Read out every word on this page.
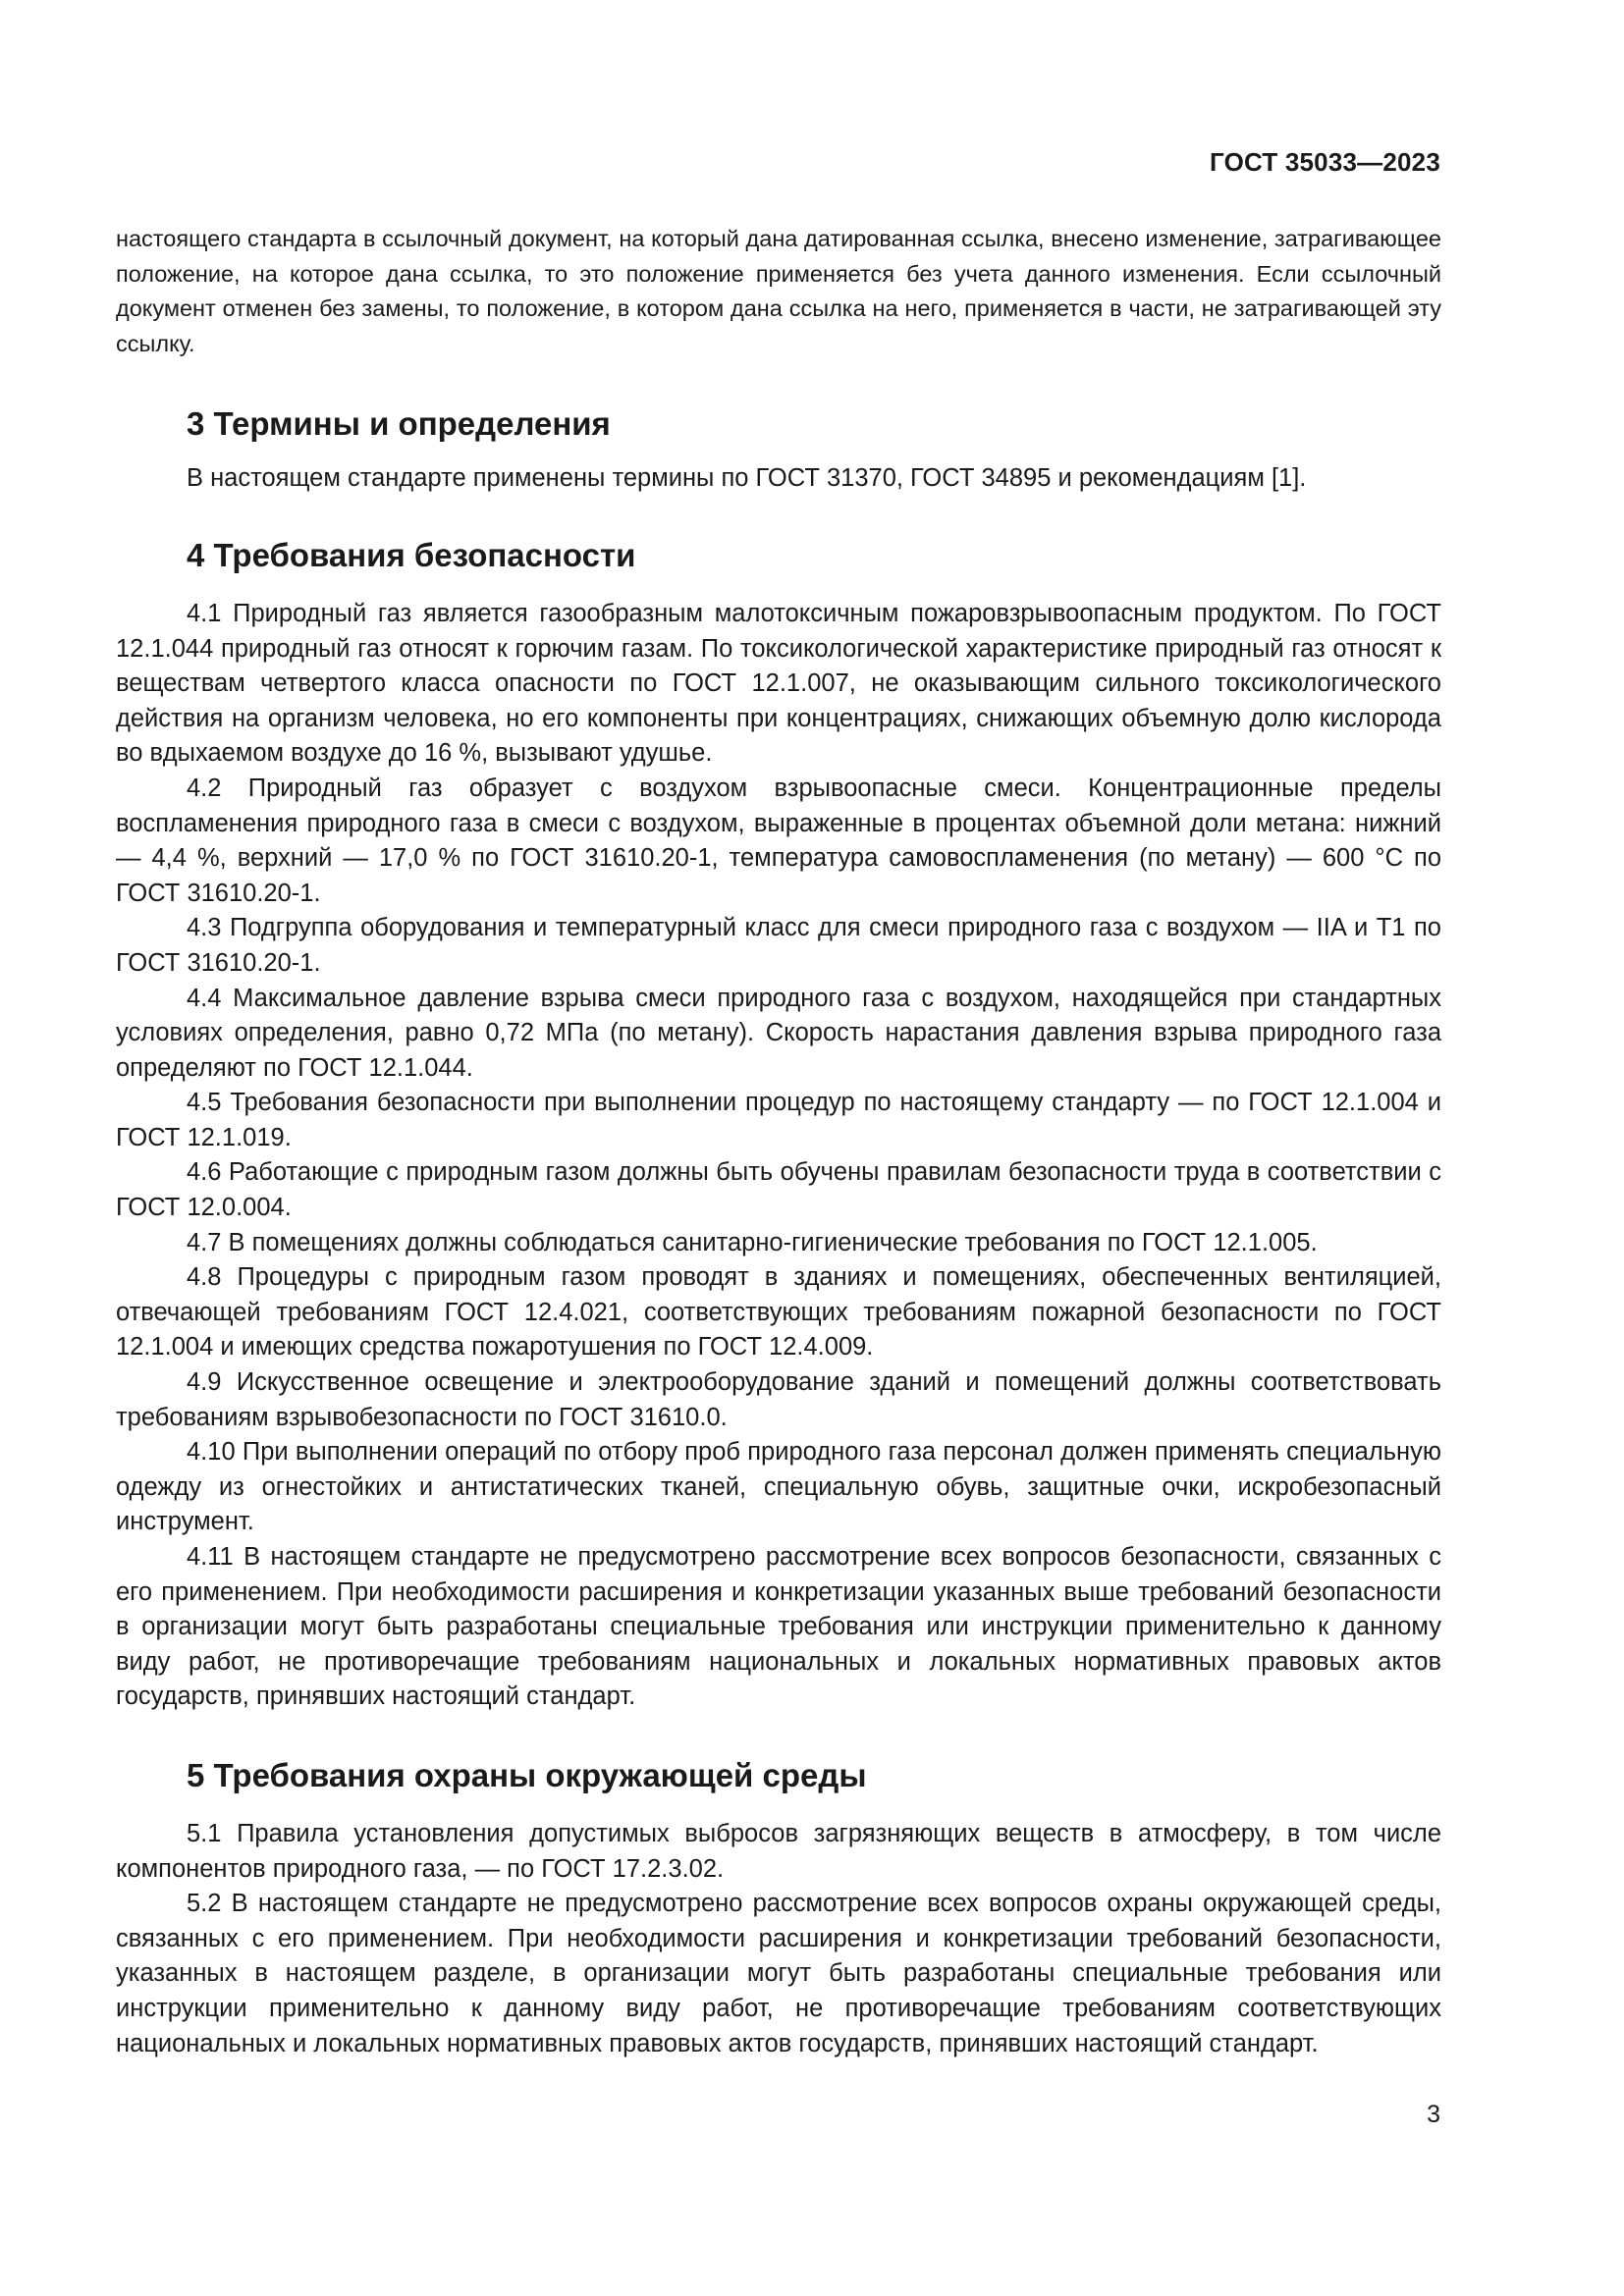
ГОСТ 35033—2023

настоящего стандарта в ссылочный документ, на который дана датированная ссылка, внесено изменение, затрагивающее положение, на которое дана ссылка, то это положение применяется без учета данного изменения. Если ссылочный документ отменен без замены, то положение, в котором дана ссылка на него, применяется в части, не затрагивающей эту ссылку.

3 Термины и определения

В настоящем стандарте применены термины по ГОСТ 31370, ГОСТ 34895 и рекомендациям [1].

4 Требования безопасности

4.1 Природный газ является газообразным малотоксичным пожаровзрывоопасным продуктом. По ГОСТ 12.1.044 природный газ относят к горючим газам. По токсикологической характеристике природный газ относят к веществам четвертого класса опасности по ГОСТ 12.1.007, не оказывающим сильного токсикологического действия на организм человека, но его компоненты при концентрациях, снижающих объемную долю кислорода во вдыхаемом воздухе до 16 %, вызывают удушье.

4.2 Природный газ образует с воздухом взрывоопасные смеси. Концентрационные пределы воспламенения природного газа в смеси с воздухом, выраженные в процентах объемной доли метана: нижний — 4,4 %, верхний — 17,0 % по ГОСТ 31610.20-1, температура самовоспламенения (по метану) — 600 °С по ГОСТ 31610.20-1.

4.3 Подгруппа оборудования и температурный класс для смеси природного газа с воздухом — IIA и Т1 по ГОСТ 31610.20-1.

4.4 Максимальное давление взрыва смеси природного газа с воздухом, находящейся при стандартных условиях определения, равно 0,72 МПа (по метану). Скорость нарастания давления взрыва природного газа определяют по ГОСТ 12.1.044.

4.5 Требования безопасности при выполнении процедур по настоящему стандарту — по ГОСТ 12.1.004 и ГОСТ 12.1.019.

4.6 Работающие с природным газом должны быть обучены правилам безопасности труда в соответствии с ГОСТ 12.0.004.

4.7 В помещениях должны соблюдаться санитарно-гигиенические требования по ГОСТ 12.1.005.

4.8 Процедуры с природным газом проводят в зданиях и помещениях, обеспеченных вентиляцией, отвечающей требованиям ГОСТ 12.4.021, соответствующих требованиям пожарной безопасности по ГОСТ 12.1.004 и имеющих средства пожаротушения по ГОСТ 12.4.009.

4.9 Искусственное освещение и электрооборудование зданий и помещений должны соответствовать требованиям взрывобезопасности по ГОСТ 31610.0.

4.10 При выполнении операций по отбору проб природного газа персонал должен применять специальную одежду из огнестойких и антистатических тканей, специальную обувь, защитные очки, искробезопасный инструмент.

4.11 В настоящем стандарте не предусмотрено рассмотрение всех вопросов безопасности, связанных с его применением. При необходимости расширения и конкретизации указанных выше требований безопасности в организации могут быть разработаны специальные требования или инструкции применительно к данному виду работ, не противоречащие требованиям национальных и локальных нормативных правовых актов государств, принявших настоящий стандарт.

5 Требования охраны окружающей среды

5.1 Правила установления допустимых выбросов загрязняющих веществ в атмосферу, в том числе компонентов природного газа, — по ГОСТ 17.2.3.02.

5.2 В настоящем стандарте не предусмотрено рассмотрение всех вопросов охраны окружающей среды, связанных с его применением. При необходимости расширения и конкретизации требований безопасности, указанных в настоящем разделе, в организации могут быть разработаны специальные требования или инструкции применительно к данному виду работ, не противоречащие требованиям соответствующих национальных и локальных нормативных правовых актов государств, принявших настоящий стандарт.

3
